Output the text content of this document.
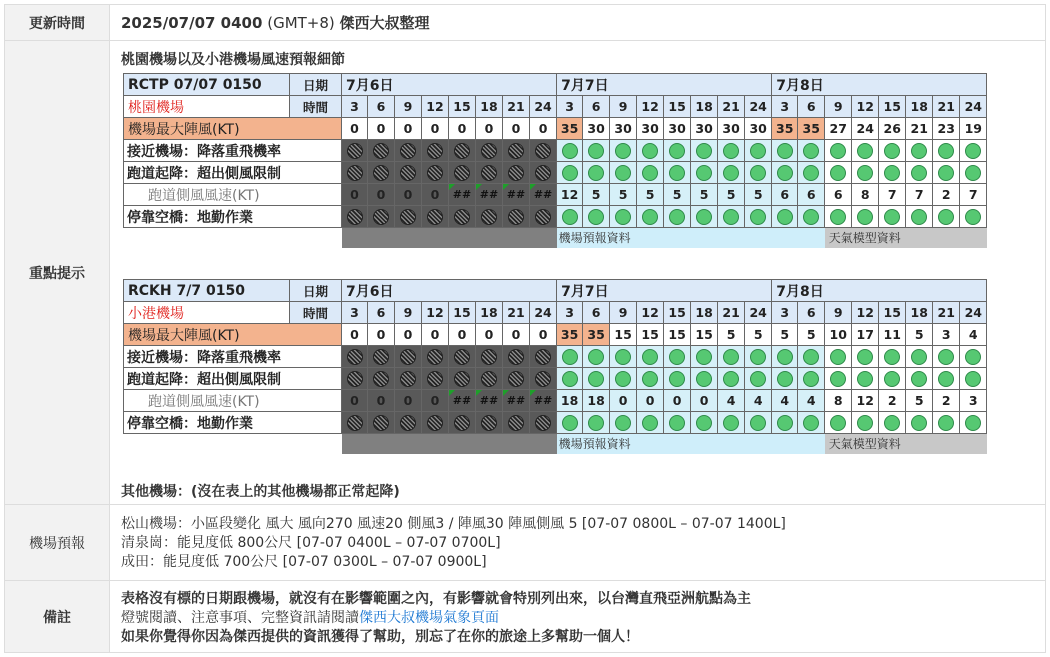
更新時間	2025/07/07 0400 (GMT+8) 傑西大叔整理
重點提示
桃園機場以及小港機場風速預報細節
RCTP 07/07 0150	日期	7月6日								7月7日								7月8日							
桃園機場	時間	3	6	9	12	15	18	21	24	3	6	9	12	15	18	21	24	3	6	9	12	15	18	21	24
機場最大陣風(KT)		0	0	0	0	0	0	0	0	35	30	30	30	30	30	30	30	35	35	27	24	26	21	23	19
接近機場：降落重飛機率																									
跑道起降：超出側風限制																									
跑道側風風速(KT)		0	0	0	0	##	##	##	##	12	5	5	5	5	5	5	5	6	6	6	8	7	7	2	7
停靠空橋：地勤作業																									
										機場預報資料										天氣模型資料					
RCKH 7/7 0150	日期	7月6日								7月7日								7月8日							
小港機場	時間	3	6	9	12	15	18	21	24	3	6	9	12	15	18	21	24	3	6	9	12	15	18	21	24
機場最大陣風(KT)		0	0	0	0	0	0	0	0	35	35	15	15	15	15	5	5	5	5	10	17	11	5	3	4
接近機場：降落重飛機率																									
跑道起降：超出側風限制																									
跑道側風風速(KT)		0	0	0	0	##	##	##	##	18	18	0	0	0	0	4	4	4	4	8	12	2	5	2	3
停靠空橋：地勤作業																									
										機場預報資料										天氣模型資料					
其他機場：(沒在表上的其他機場都正常起降)
機場預報
松山機場：小區段變化 風大 風向270 風速20 側風3 / 陣風30 陣風側風 5 [07-07 0800L – 07-07 1400L]
清泉崗：能見度低 800公尺 [07-07 0400L – 07-07 0700L]
成田：能見度低 700公尺 [07-07 0300L – 07-07 0900L]
備註
表格沒有標的日期跟機場，就沒有在影響範圍之內，有影響就會特別列出來，以台灣直飛亞洲航點為主
燈號閱讀、注意事項、完整資訊請閱讀傑西大叔機場氣象頁面
如果你覺得你因為傑西提供的資訊獲得了幫助，別忘了在你的旅途上多幫助一個人！
